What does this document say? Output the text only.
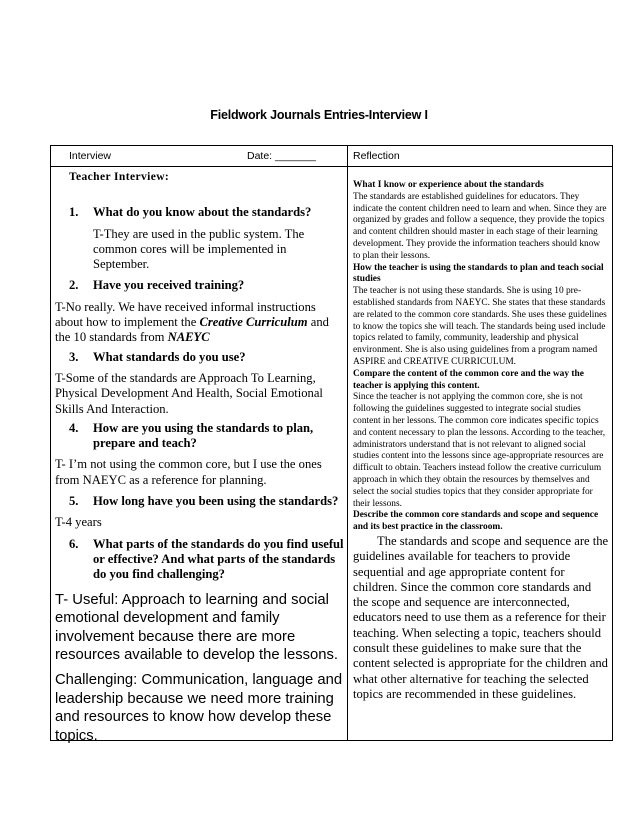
Fieldwork Journals Entries-Interview I
Interview	Date: _______	Reflection

Teacher Interview:

1.	What do you know about the standards?

T-They are used in the public system. The common cores will be implemented in September.

2.	Have you received training?

T-No really. We have received informal instructions about how to implement the Creative Curriculum and the 10 standards from NAEYC

3.	What standards do you use?

T-Some of the standards are Approach To Learning, Physical Development And Health, Social Emotional Skills And Interaction.

4.	How are you using the standards to plan, prepare and teach?

T- I’m not using the common core, but I use the ones from NAEYC as a reference for planning.

5.	How long have you been using the standards?

T-4 years

6.	What parts of the standards do you find useful or effective? And what parts of the standards do you find challenging?

T- Useful: Approach to learning and social emotional development and family involvement because there are more resources available to develop the lessons.

Challenging: Communication, language and leadership because we need more training and resources to know how develop these topics.

What I know or experience about the standards

The standards are established guidelines for educators. They indicate the content children need to learn and when. Since they are organized by grades and follow a sequence, they provide the topics and content children should master in each stage of their learning development. They provide the information teachers should know to plan their lessons.

How the teacher is using the standards to plan and teach social studies

The teacher is not using these standards. She is using 10 pre-established standards from NAEYC. She states that these standards are related to the common core standards. She uses these guidelines to know the topics she will teach. The standards being used include topics related to family, community, leadership and physical environment. She is also using guidelines from a program named ASPIRE and CREATIVE CURRICULUM.

Compare the content of the common core and the way the teacher is applying this content.

Since the teacher is not applying the common core, she is not following the guidelines suggested to integrate social studies content in her lessons. The common core indicates specific topics and content necessary to plan the lessons. According to the teacher, administrators understand that is not relevant to aligned social studies content into the lessons since age-appropriate resources are difficult to obtain. Teachers instead follow the creative curriculum approach in which they obtain the resources by themselves and select the social studies topics that they consider appropriate for their lessons.

Describe the common core standards and scope and sequence and its best practice in the classroom.

The standards and scope and sequence are the guidelines available for teachers to provide sequential and age appropriate content for children. Since the common core standards and the scope and sequence are interconnected, educators need to use them as a reference for their teaching. When selecting a topic, teachers should consult these guidelines to make sure that the content selected is appropriate for the children and what other alternative for teaching the selected topics are recommended in these guidelines.
